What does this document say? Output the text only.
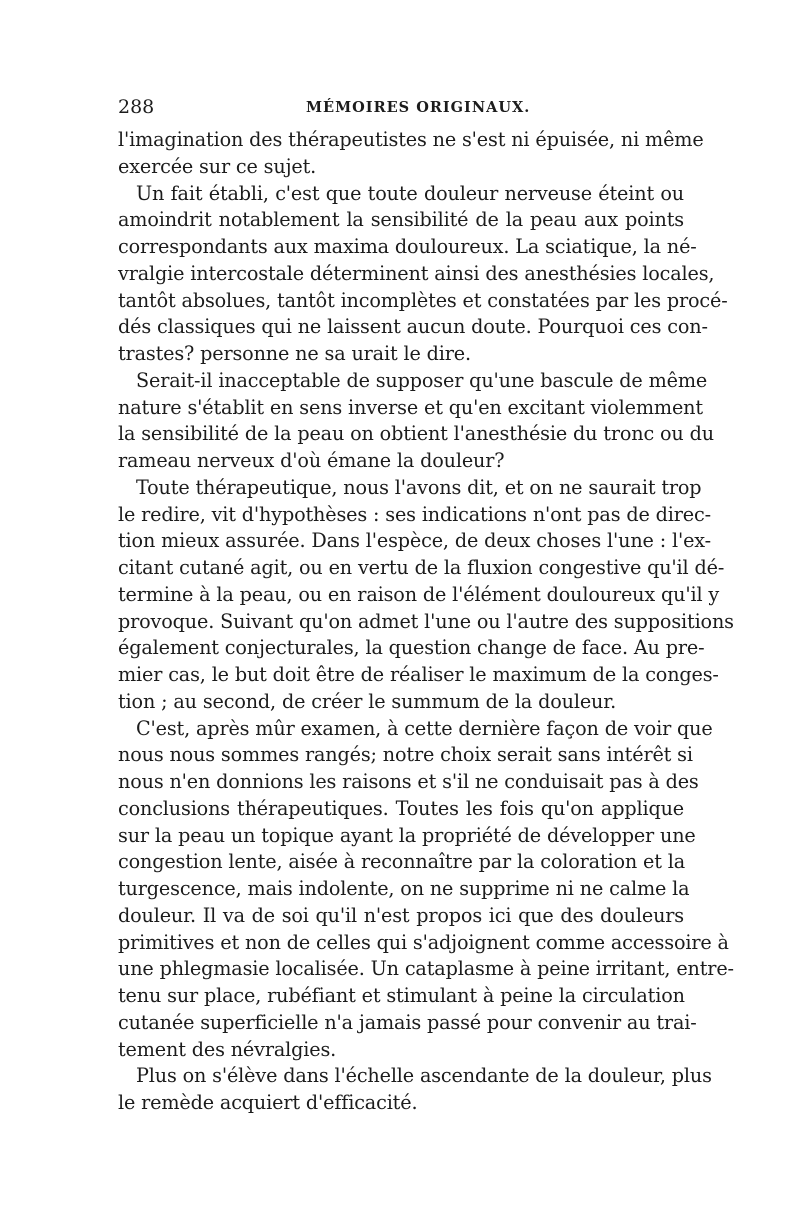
288	MÉMOIRES ORIGINAUX.
l'imagination des thérapeutistes ne s'est ni épuisée, ni même
exercée sur ce sujet.
Un fait établi, c'est que toute douleur nerveuse éteint ou
amoindrit notablement la sensibilité de la peau aux points
correspondants aux maxima douloureux. La sciatique, la né-
vralgie intercostale déterminent ainsi des anesthésies locales,
tantôt absolues, tantôt incomplètes et constatées par les procé-
dés classiques qui ne laissent aucun doute. Pourquoi ces con-
trastes? personne ne sa urait le dire.
Serait-il inacceptable de supposer qu'une bascule de même
nature s'établit en sens inverse et qu'en excitant violemment
la sensibilité de la peau on obtient l'anesthésie du tronc ou du
rameau nerveux d'où émane la douleur?
Toute thérapeutique, nous l'avons dit, et on ne saurait trop
le redire, vit d'hypothèses : ses indications n'ont pas de direc-
tion mieux assurée. Dans l'espèce, de deux choses l'une : l'ex-
citant cutané agit, ou en vertu de la fluxion congestive qu'il dé-
termine à la peau, ou en raison de l'élément douloureux qu'il y
provoque. Suivant qu'on admet l'une ou l'autre des suppositions
également conjecturales, la question change de face. Au pre-
mier cas, le but doit être de réaliser le maximum de la conges-
tion ; au second, de créer le summum de la douleur.
C'est, après mûr examen, à cette dernière façon de voir que
nous nous sommes rangés; notre choix serait sans intérêt si
nous n'en donnions les raisons et s'il ne conduisait pas à des
conclusions thérapeutiques. Toutes les fois qu'on applique
sur la peau un topique ayant la propriété de développer une
congestion lente, aisée à reconnaître par la coloration et la
turgescence, mais indolente, on ne supprime ni ne calme la
douleur. Il va de soi qu'il n'est propos ici que des douleurs
primitives et non de celles qui s'adjoignent comme accessoire à
une phlegmasie localisée. Un cataplasme à peine irritant, entre-
tenu sur place, rubéfiant et stimulant à peine la circulation
cutanée superficielle n'a jamais passé pour convenir au trai-
tement des névralgies.
Plus on s'élève dans l'échelle ascendante de la douleur, plus
le remède acquiert d'efficacité.
